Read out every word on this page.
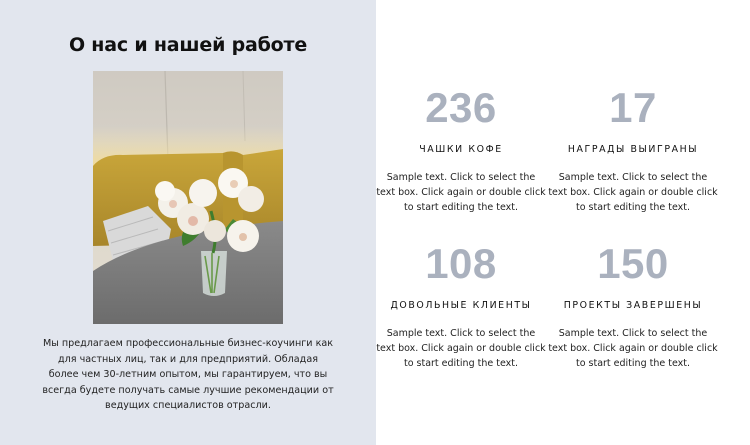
О нас и нашей работе

Мы предлагаем профессиональные бизнес-коучинги как для частных лиц, так и для предприятий. Обладая более чем 30-летним опытом, мы гарантируем, что вы всегда будете получать самые лучшие рекомендации от ведущих специалистов отрасли.

236
ЧАШКИ КОФЕ
Sample text. Click to select the text box. Click again or double click to start editing the text.
17
НАГРАДЫ ВЫИГРАНЫ
Sample text. Click to select the text box. Click again or double click to start editing the text.
108
ДОВОЛЬНЫЕ КЛИЕНТЫ
Sample text. Click to select the text box. Click again or double click to start editing the text.
150
ПРОЕКТЫ ЗАВЕРШЕНЫ
Sample text. Click to select the text box. Click again or double click to start editing the text.
